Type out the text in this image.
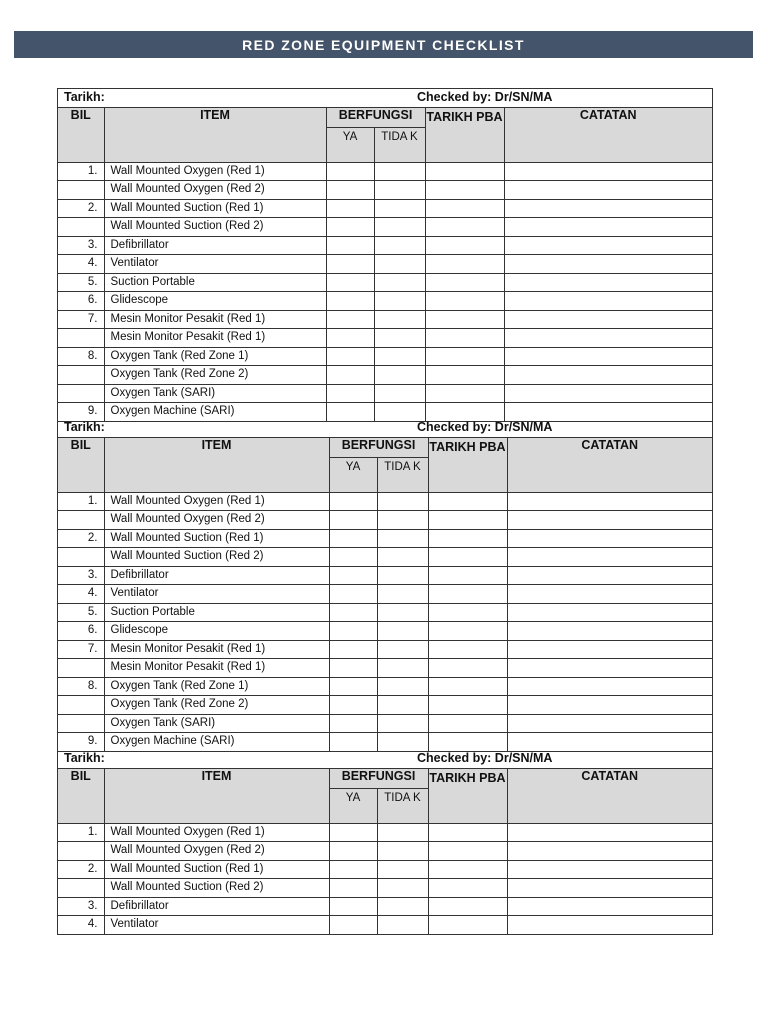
RED ZONE EQUIPMENT CHECKLIST
Tarikh:	Checked by: Dr/SN/MA
BIL	ITEM	BERFUNGSI		TARIKH PBA	CATATAN
		YA	TIDA K		
1.	Wall Mounted Oxygen (Red 1)				
	Wall Mounted Oxygen (Red 2)				
2.	Wall Mounted Suction (Red 1)				
	Wall Mounted Suction (Red 2)				
3.	Defibrillator				
4.	Ventilator				
5.	Suction Portable				
6.	Glidescope				
7.	Mesin Monitor Pesakit (Red 1)				
	Mesin Monitor Pesakit (Red 1)				
8.	Oxygen Tank (Red Zone 1)				
	Oxygen Tank (Red Zone 2)				
	Oxygen Tank (SARI)				
9.	Oxygen Machine (SARI)				
Tarikh:	Checked by: Dr/SN/MA
BIL	ITEM	BERFUNGSI		TARIKH PBA	CATATAN
		YA	TIDA K		
1.	Wall Mounted Oxygen (Red 1)				
	Wall Mounted Oxygen (Red 2)				
2.	Wall Mounted Suction (Red 1)				
	Wall Mounted Suction (Red 2)				
3.	Defibrillator				
4.	Ventilator				
5.	Suction Portable				
6.	Glidescope				
7.	Mesin Monitor Pesakit (Red 1)				
	Mesin Monitor Pesakit (Red 1)				
8.	Oxygen Tank (Red Zone 1)				
	Oxygen Tank (Red Zone 2)				
	Oxygen Tank (SARI)				
9.	Oxygen Machine (SARI)				
Tarikh:	Checked by: Dr/SN/MA
BIL	ITEM	BERFUNGSI		TARIKH PBA	CATATAN
		YA	TIDA K		
1.	Wall Mounted Oxygen (Red 1)				
	Wall Mounted Oxygen (Red 2)				
2.	Wall Mounted Suction (Red 1)				
	Wall Mounted Suction (Red 2)				
3.	Defibrillator				
4.	Ventilator				
